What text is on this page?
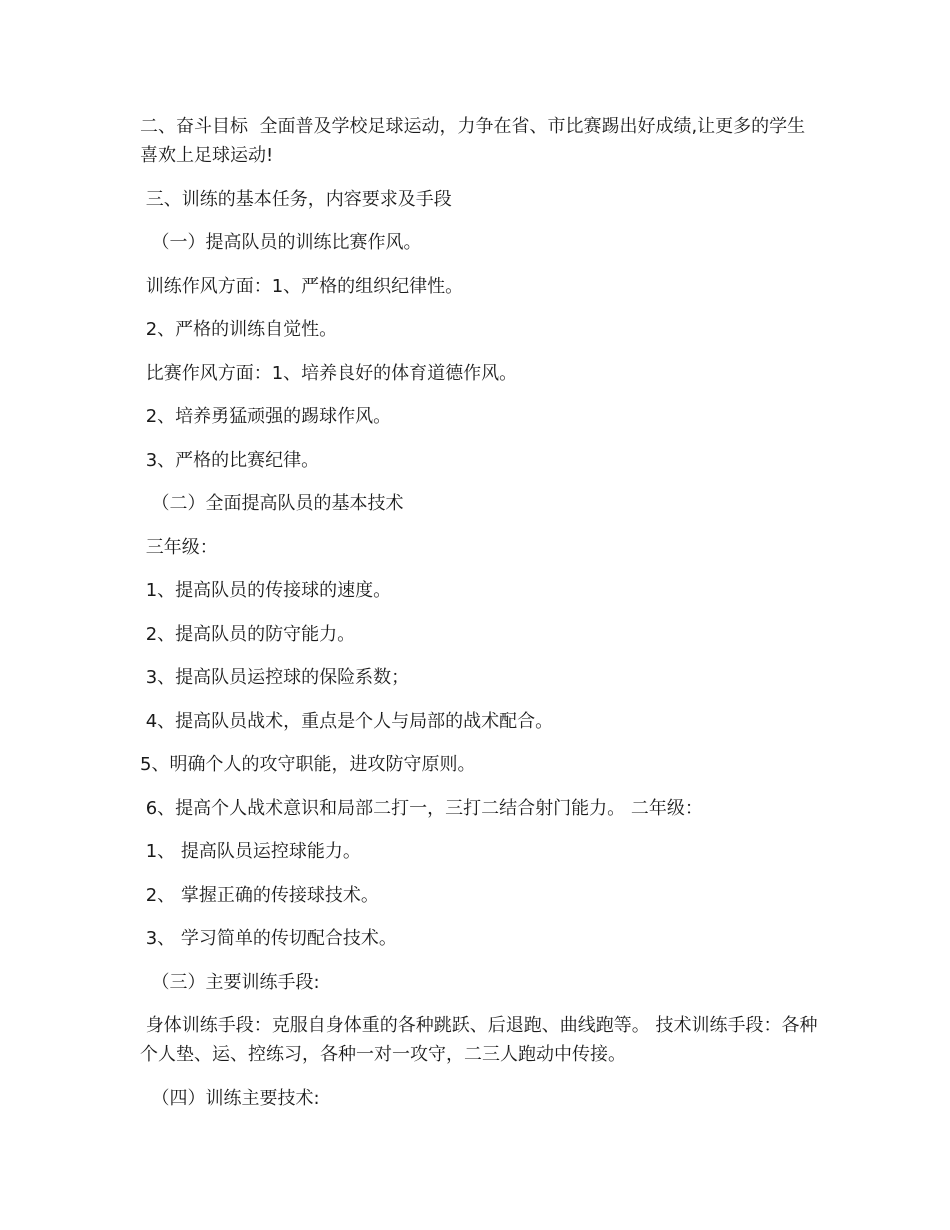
二、奋斗目标  全面普及学校足球运动，力争在省、市比赛踢出好成绩,让更多的学生喜欢上足球运动!

三、训练的基本任务，内容要求及手段

（一）提高队员的训练比赛作风。

训练作风方面：1、严格的组织纪律性。

2、严格的训练自觉性。

比赛作风方面：1、培养良好的体育道德作风。

2、培养勇猛顽强的踢球作风。

3、严格的比赛纪律。

（二）全面提高队员的基本技术

三年级：

1、提高队员的传接球的速度。

2、提高队员的防守能力。

3、提高队员运控球的保险系数；

4、提高队员战术，重点是个人与局部的战术配合。

5、明确个人的攻守职能，进攻防守原则。

6、提高个人战术意识和局部二打一，三打二结合射门能力。 二年级：

1、 提高队员运控球能力。

2、 掌握正确的传接球技术。

3、 学习简单的传切配合技术。

（三）主要训练手段:

身体训练手段：克服自身体重的各种跳跃、后退跑、曲线跑等。 技术训练手段：各种个人垫、运、控练习，各种一对一攻守，二三人跑动中传接。

（四）训练主要技术:
